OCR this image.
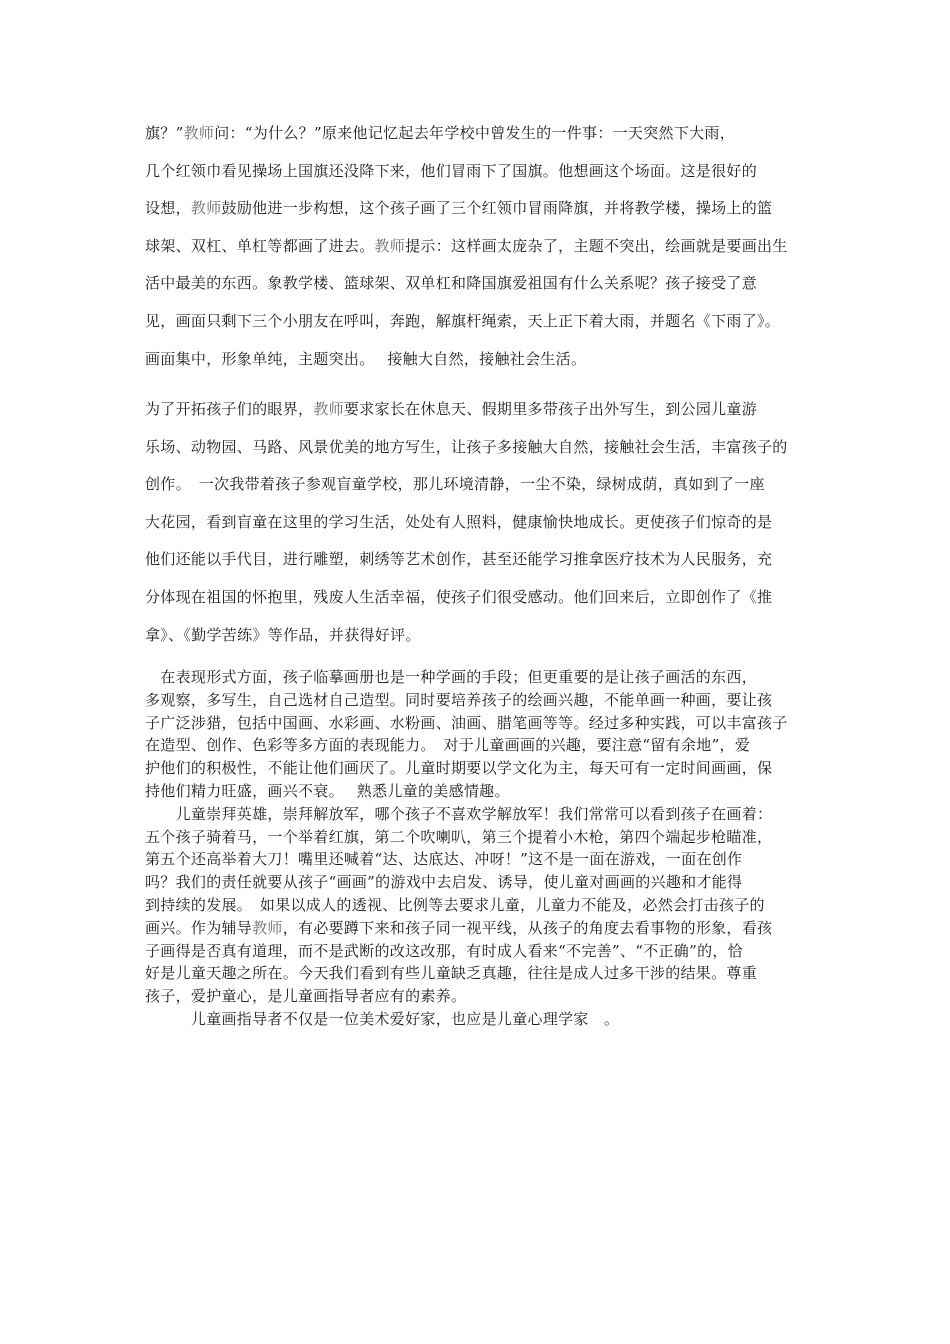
旗？”教师问：“为什么？”原来他记忆起去年学校中曾发生的一件事：一天突然下大雨，
几个红领巾看见操场上国旗还没降下来，他们冒雨下了国旗。他想画这个场面。这是很好的
设想，教师鼓励他进一步构想，这个孩子画了三个红领巾冒雨降旗，并将教学楼，操场上的篮
球架、双杠、单杠等都画了进去。教师提示：这样画太庞杂了，主题不突出，绘画就是要画出生
活中最美的东西。象教学楼、篮球架、双单杠和降国旗爱祖国有什么关系呢？孩子接受了意
见，画面只剩下三个小朋友在呼叫，奔跑，解旗杆绳索，天上正下着大雨，并题名《下雨了》。
画面集中，形象单纯，主题突出。　 接触大自然，接触社会生活。
为了开拓孩子们的眼界，教师要求家长在休息天、假期里多带孩子出外写生，到公园儿童游
乐场、动物园、马路、风景优美的地方写生，让孩子多接触大自然，接触社会生活，丰富孩子的
创作。　一次我带着孩子参观盲童学校，那儿环境清静，一尘不染，绿树成荫，真如到了一座
大花园，看到盲童在这里的学习生活，处处有人照料，健康愉快地成长。更使孩子们惊奇的是
他们还能以手代目，进行雕塑，刺绣等艺术创作，甚至还能学习推拿医疗技术为人民服务，充
分体现在祖国的怀抱里，残废人生活幸福，使孩子们很受感动。他们回来后，立即创作了《推
拿》、《勤学苦练》等作品，并获得好评。
　在表现形式方面，孩子临摹画册也是一种学画的手段；但更重要的是让孩子画活的东西，
多观察，多写生，自己选材自己造型。同时要培养孩子的绘画兴趣，不能单画一种画，要让孩
子广泛涉猎，包括中国画、水彩画、水粉画、油画、腊笔画等等。经过多种实践，可以丰富孩子
在造型、创作、色彩等多方面的表现能力。　对于儿童画画的兴趣，要注意“留有余地”，爱
护他们的积极性，不能让他们画厌了。儿童时期要以学文化为主，每天可有一定时间画画，保
持他们精力旺盛，画兴不衰。　 熟悉儿童的美感情趣。
　　儿童崇拜英雄，崇拜解放军，哪个孩子不喜欢学解放军！我们常常可以看到孩子在画着：
五个孩子骑着马，一个举着红旗，第二个吹喇叭，第三个提着小木枪，第四个端起步枪瞄准，
第五个还高举着大刀！嘴里还喊着“达、达底达、冲呀！”这不是一面在游戏，一面在创作
吗？我们的责任就要从孩子“画画”的游戏中去启发、诱导，使儿童对画画的兴趣和才能得
到持续的发展。　如果以成人的透视、比例等去要求儿童，儿童力不能及，必然会打击孩子的
画兴。作为辅导教师，有必要蹲下来和孩子同一视平线，从孩子的角度去看事物的形象，看孩
子画得是否真有道理，而不是武断的改这改那，有时成人看来“不完善”、“不正确”的，恰
好是儿童天趣之所在。今天我们看到有些儿童缺乏真趣，往往是成人过多干涉的结果。尊重
孩子，爱护童心，是儿童画指导者应有的素养。
　　　儿童画指导者不仅是一位美术爱好家，也应是儿童心理学家　。
